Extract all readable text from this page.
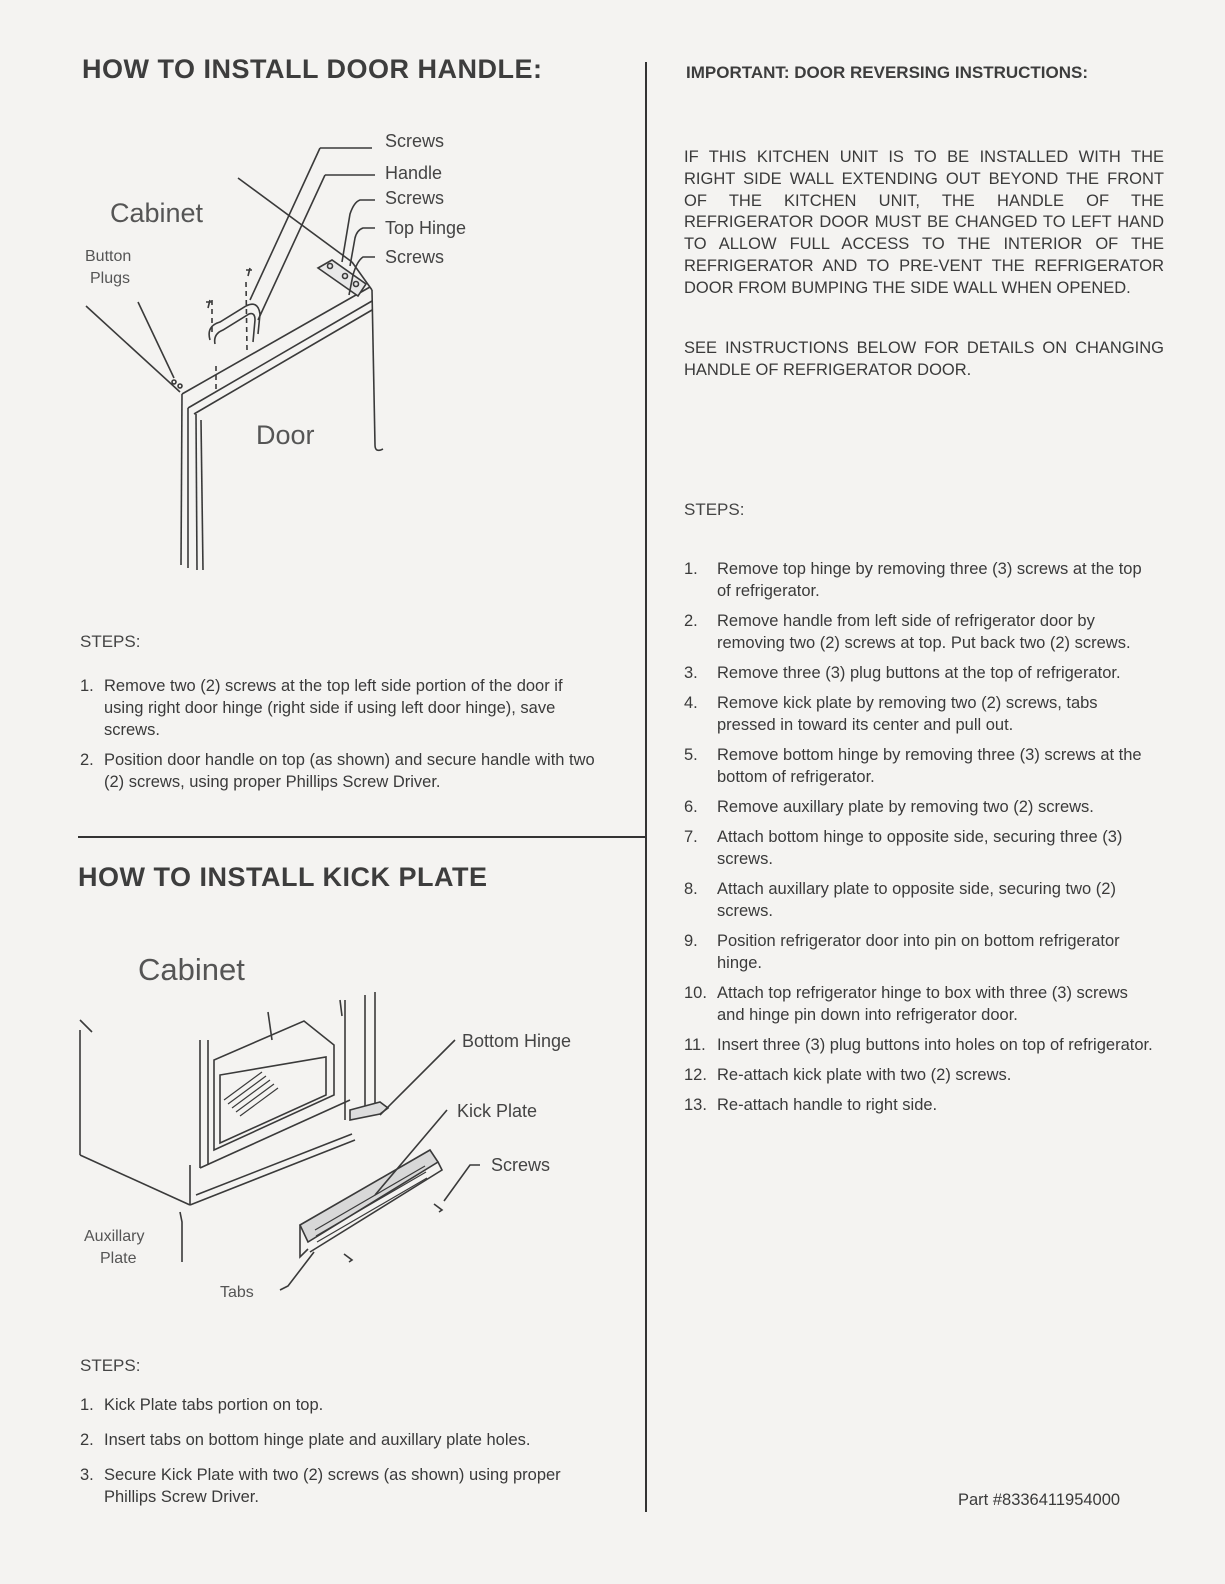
HOW TO INSTALL DOOR HANDLE:
Screws
Handle
Screws
Top Hinge
Screws
Cabinet
Button
Plugs
Door
STEPS:
1. Remove two (2) screws at the top left side portion of the door if using right door hinge (right side if using left door hinge), save screws.
2. Position door handle on top (as shown) and secure handle with two (2) screws, using proper Phillips Screw Driver.
HOW TO INSTALL KICK PLATE
Cabinet
Bottom Hinge
Kick Plate
Screws
Auxillary
Plate
Tabs
STEPS:
1. Kick Plate tabs portion on top.
2. Insert tabs on bottom hinge plate and auxillary plate holes.
3. Secure Kick Plate with two (2) screws (as shown) using proper Phillips Screw Driver.
IMPORTANT: DOOR REVERSING INSTRUCTIONS:
IF THIS KITCHEN UNIT IS TO BE INSTALLED WITH THE RIGHT SIDE WALL EXTENDING OUT BEYOND THE FRONT OF THE KITCHEN UNIT, THE HANDLE OF THE REFRIGERATOR DOOR MUST BE CHANGED TO LEFT HAND TO ALLOW FULL ACCESS TO THE INTERIOR OF THE REFRIGERATOR AND TO PRE-VENT THE REFRIGERATOR DOOR FROM BUMPING THE SIDE WALL WHEN OPENED.
SEE INSTRUCTIONS BELOW FOR DETAILS ON CHANGING HANDLE OF REFRIGERATOR DOOR.
STEPS:
1. Remove top hinge by removing three (3) screws at the top of refrigerator.
2. Remove handle from left side of refrigerator door by removing two (2) screws at top. Put back two (2) screws.
3. Remove three (3) plug buttons at the top of refrigerator.
4. Remove kick plate by removing two (2) screws, tabs pressed in toward its center and pull out.
5. Remove bottom hinge by removing three (3) screws at the bottom of refrigerator.
6. Remove auxillary plate by removing two (2) screws.
7. Attach bottom hinge to opposite side, securing three (3) screws.
8. Attach auxillary plate to opposite side, securing two (2) screws.
9. Position refrigerator door into pin on bottom refrigerator hinge.
10. Attach top refrigerator hinge to box with three (3) screws and hinge pin down into refrigerator door.
11. Insert three (3) plug buttons into holes on top of refrigerator.
12. Re-attach kick plate with two (2) screws.
13. Re-attach handle to right side.
Part #8336411954000
